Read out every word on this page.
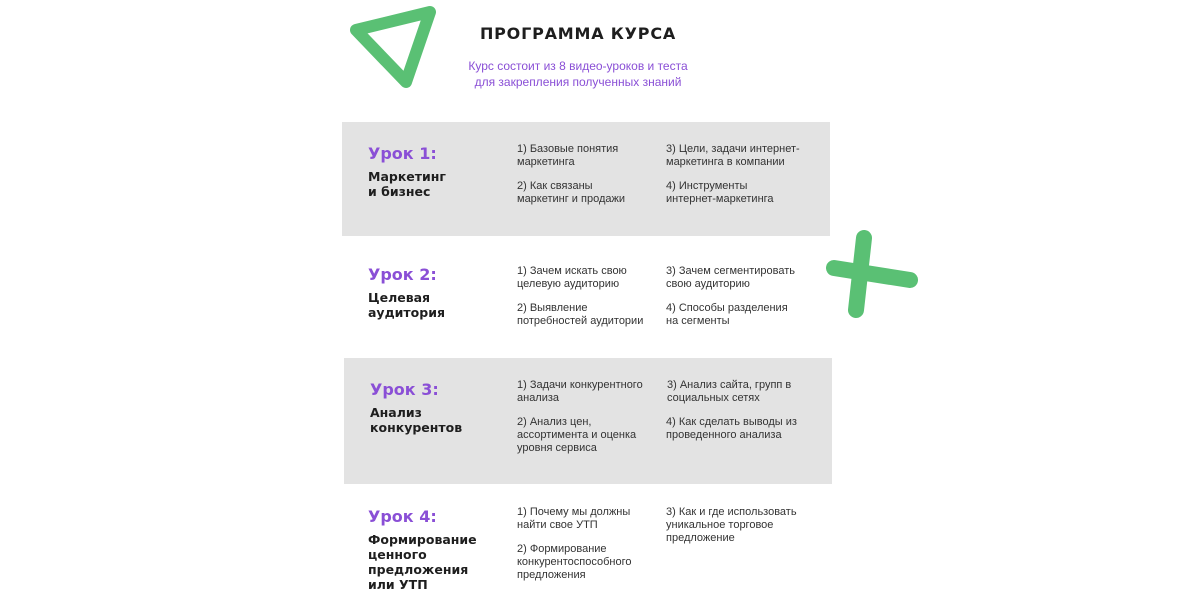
ПРОГРАММА КУРСА
Курс состоит из 8 видео-уроков и теста
для закрепления полученных знаний
Урок 1:
Маркетинг
и бизнес
1) Базовые понятия
маркетинга
2) Как связаны
маркетинг и продажи
3) Цели, задачи интернет-
маркетинга в компании
4) Инструменты
интернет-маркетинга
Урок 2:
Целевая
аудитория
1) Зачем искать свою
целевую аудиторию
2) Выявление
потребностей аудитории
3) Зачем сегментировать
свою аудиторию
4) Способы разделения
на сегменты
Урок 3:
Анализ
конкурентов
1) Задачи конкурентного
анализа
2) Анализ цен,
ассортимента и оценка
уровня сервиса
3) Анализ сайта, групп в
социальных сетях
4) Как сделать выводы из
проведенного анализа
Урок 4:
Формирование
ценного
предложения
или УТП
1) Почему мы должны
найти свое УТП
2) Формирование
конкурентоспособного
предложения
3) Как и где использовать
уникальное торговое
предложение
